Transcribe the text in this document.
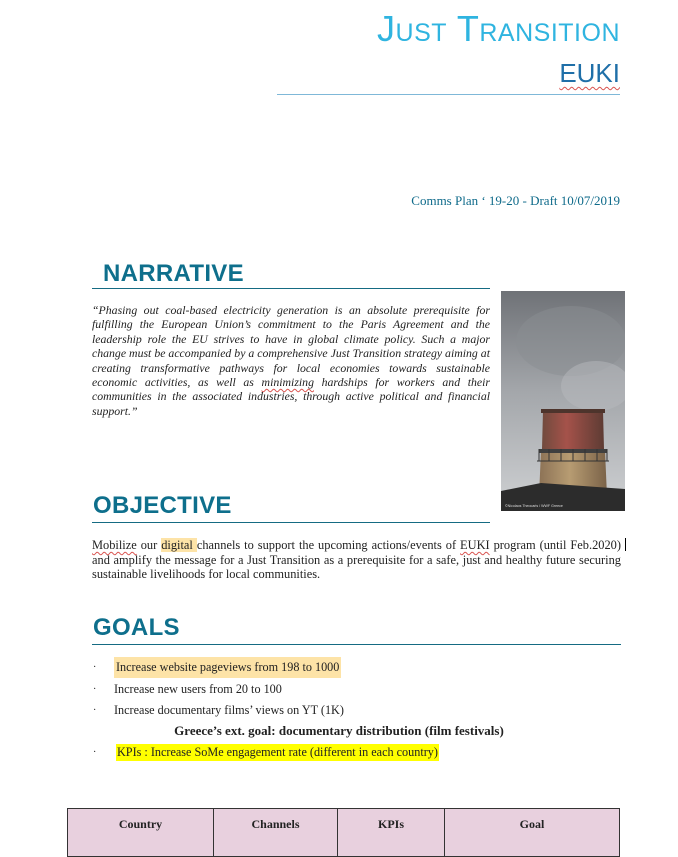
Just Transition
EUKI
Comms Plan ‘ 19-20 - Draft 10/07/2019
NARRATIVE
“Phasing out coal-based electricity generation is an absolute prerequisite for fulfilling the European Union’s commitment to the Paris Agreement and the leadership role the EU strives to have in global climate policy. Such a major change must be accompanied by a comprehensive Just Transition strategy aiming at creating transformative pathways for local economies towards sustainable economic activities, as well as minimizing hardships for workers and their communities in the associated industries, through active political and financial support.”
©Nicolaos Theocaris / WWF Greece
OBJECTIVE
Mobilize our digital channels to support the upcoming actions/events of EUKI program (until Feb.2020) and amplify the message for a Just Transition as a prerequisite for a safe, just and healthy future securing sustainable livelihoods for local communities.
GOALS
·	Increase website pageviews from 198 to 1000
·	Increase new users from 20 to 100
·	Increase documentary films’ views on YT (1K)
Greece’s ext. goal: documentary distribution (film festivals)
·	KPIs : Increase SoMe engagement rate (different in each country)
Country	Channels	KPIs	Goal
